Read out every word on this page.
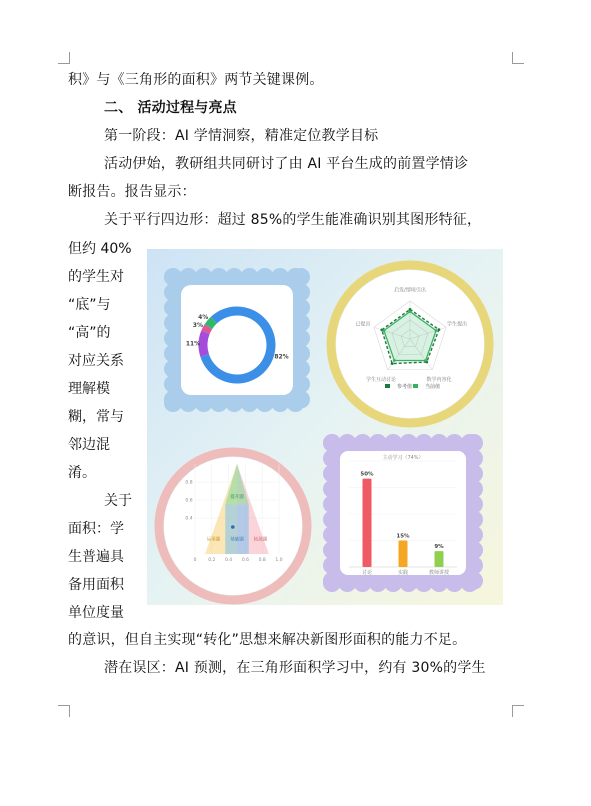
积》与《三角形的面积》两节关键课例。
二、 活动过程与亮点
第一阶段：AI 学情洞察，精准定位教学目标
活动伊始，教研组共同研讨了由 AI 平台生成的前置学情诊
断报告。报告显示：
关于平行四边形：超过 85%的学生能准确识别其图形特征，
但约 40%
的学生对
“底”与
“高”的
对应关系
理解模
糊，常与
邻边混
淆。
关于
面积：学
生普遍具
备用面积
单位度量
的意识，但自主实现“转化”思想来解决新图形面积的能力不足。
潜在误区：AI 预测，在三角形面积学习中，约有 30%的学生
82%
11%
3%
4%
启发/情境引出
学生提出
数学内容化
学生互动讨论
已提出
参考值	当前值
0	0.2 0.4 0.6 0.8 1.0
0.4
0.6
0.8
运用题 基础题 拓展题
提升题
主动学习（74%）
50%
讨论
15%
实践
9%
教师讲授
